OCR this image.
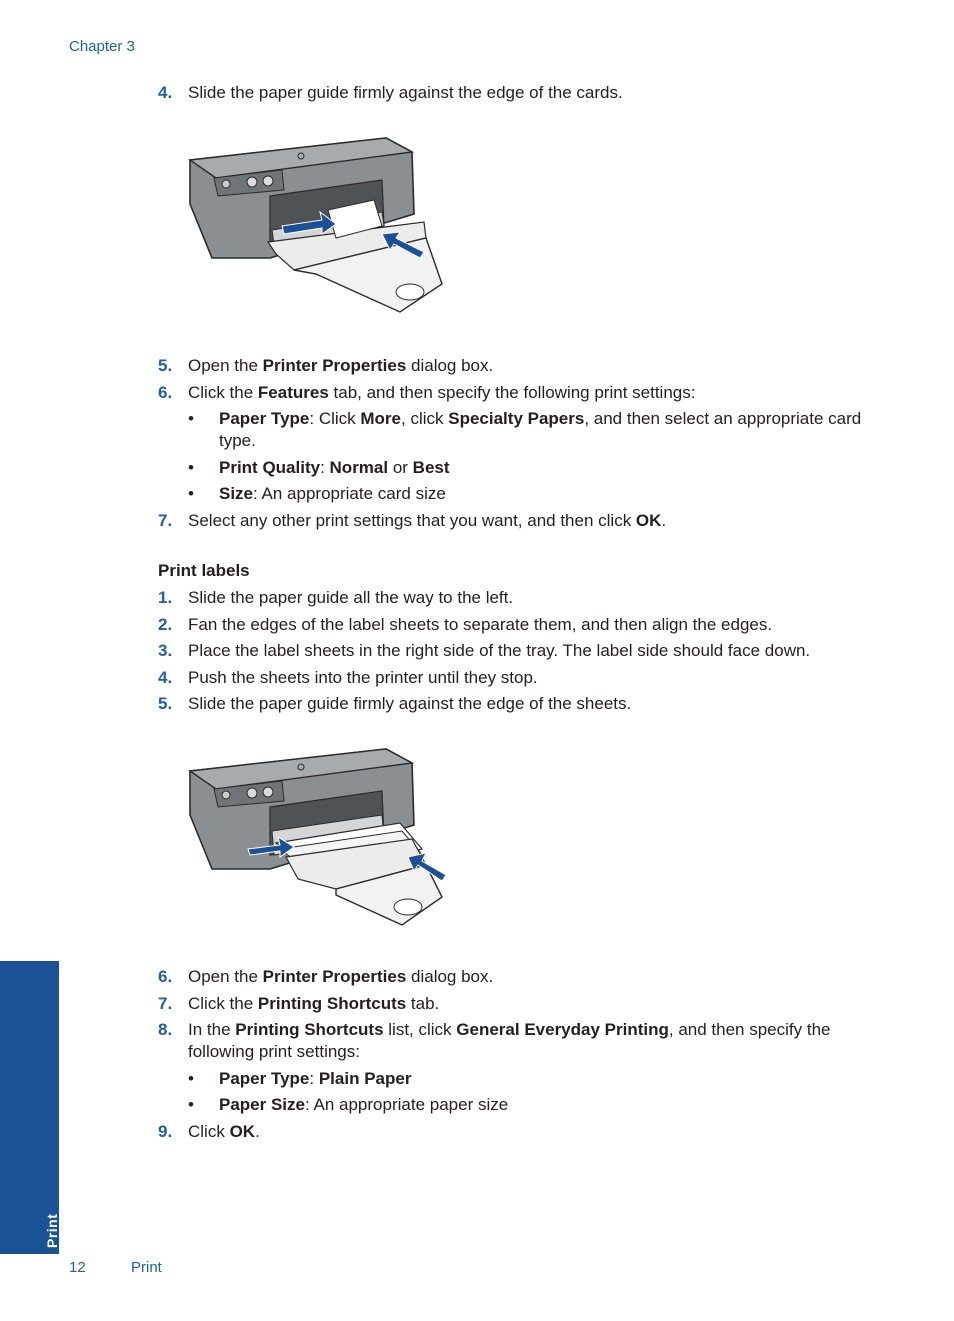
Chapter 3
4. Slide the paper guide firmly against the edge of the cards.
5. Open the Printer Properties dialog box.
6. Click the Features tab, and then specify the following print settings:
• Paper Type: Click More, click Specialty Papers, and then select an appropriate card type.
• Print Quality: Normal or Best
• Size: An appropriate card size
7. Select any other print settings that you want, and then click OK.
Print labels
1. Slide the paper guide all the way to the left.
2. Fan the edges of the label sheets to separate them, and then align the edges.
3. Place the label sheets in the right side of the tray. The label side should face down.
4. Push the sheets into the printer until they stop.
5. Slide the paper guide firmly against the edge of the sheets.
6. Open the Printer Properties dialog box.
7. Click the Printing Shortcuts tab.
8. In the Printing Shortcuts list, click General Everyday Printing, and then specify the following print settings:
• Paper Type: Plain Paper
• Paper Size: An appropriate paper size
9. Click OK.
Print
12	Print
